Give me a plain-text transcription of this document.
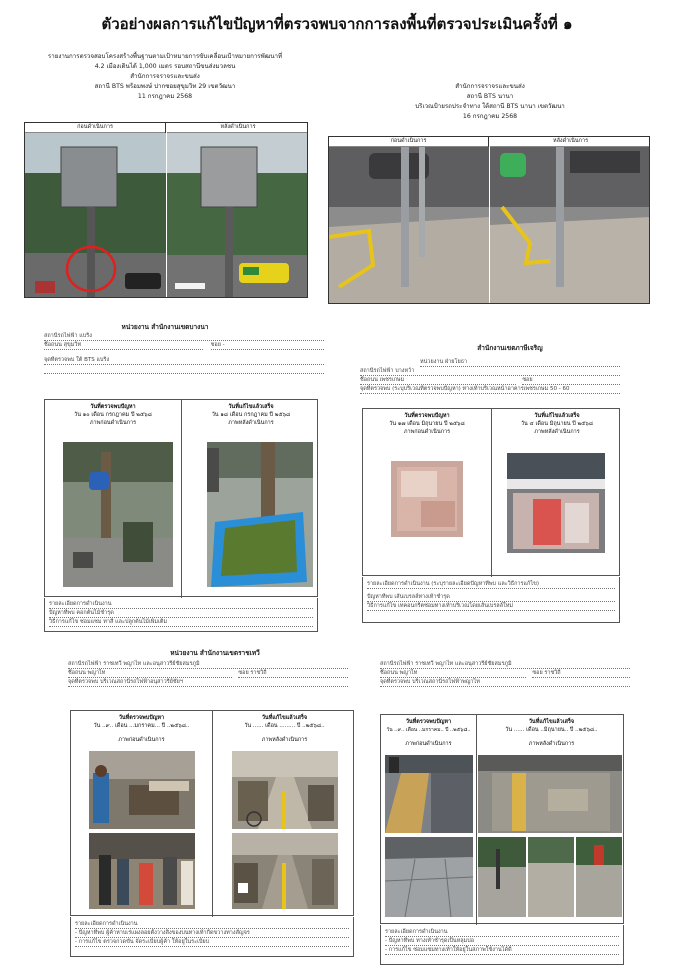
ตัวอย่างผลการแก้ไขปัญหาที่ตรวจพบจากการลงพื้นที่ตรวจประเมินครั้งที่ ๑
รายงานการตรวจสอบโครงสร้างพื้นฐานตามเป้าหมายการขับเคลื่อนเป้าหมายการพัฒนาที่
4.2 เมืองเดินได้ 1,000 เมตร รอบสถานีขนส่งมวลชน
สำนักการจราจรและขนส่ง
สถานี BTS พร้อมพงษ์ ปากซอยสุขุมวิท 29 เขตวัฒนา
11 กรกฎาคม 2568
ก่อนดำเนินการ	หลังดำเนินการ
สำนักการจราจรและขนส่ง
สถานี BTS นานา
บริเวณป้ายรถประจำทาง ใต้สถานี BTS นานา เขตวัฒนา
16 กรกฎาคม 2568
ก่อนดำเนินการ	หลังดำเนินการ
หน่วยงาน สำนักงานเขตบางนา
สถานีรถไฟฟ้า แบริ่ง
ชื่อถนน สุขุมวิท	ซอย -
จุดที่ตรวจพบ ใต้ BTS แบริ่ง
วันที่ตรวจพบปัญหา
วัน ๑๐ เดือน กรกฎาคม ปี ๒๕๖๘
ภาพก่อนดำเนินการ
วันที่แก้ไขแล้วเสร็จ
วัน ๑๘ เดือน กรกฎาคม ปี ๒๕๖๘
ภาพหลังดำเนินการ
รายละเอียดการดำเนินงาน
ปัญหาที่พบ คอกต้นไม้ชำรุด
วิธีการแก้ไข ซ่อมแซม ทาสี และปลูกต้นไม้เพิ่มเติม
สำนักงานเขตภาษีเจริญ
หน่วยงาน ฝ่ายโยธา
สถานีรถไฟฟ้า บางหว้า
ชื่อถนน เพชรเกษม	ซอย
จุดที่ตรวจพบ (ระบุบริเวณที่ตรวจพบปัญหา) ทางเท้าบริเวณหน้าอาคารเพชรเกษม 50 - 60
วันที่ตรวจพบปัญหา
วัน ๑๗ เดือน มิถุนายน ปี ๒๕๖๘
ภาพก่อนดำเนินการ
วันที่แก้ไขแล้วเสร็จ
วัน ๔ เดือน มิถุนายน ปี ๒๕๖๘
ภาพหลังดำเนินการ
รายละเอียดการดำเนินงาน (ระบุรายละเอียดปัญหาที่พบ และวิธีการแก้ไข)
ปัญหาที่พบ เส้นเบรลล์ทางเท้าชำรุด
วิธีการแก้ไข เทคอนกรีตซ่อมทางเท้าบริเวณโดยเส้นเบรลล์ใหม่
หน่วยงาน สำนักงานเขตราชเทวี
สถานีรถไฟฟ้า ราชเทวี พญาไท และอนุสาวรีย์ชัยสมรภูมิ
ชื่อถนน พญาไท	ซอย ราชวิถี
จุดที่ตรวจพบ บริเวณสถานีรถไฟฟ้าอนุสาวรีย์ชัยฯ
วันที่ตรวจพบปัญหา
วัน ..๙.. เดือน ...มกราคม... ปี ..๒๕๖๘..
ภาพก่อนดำเนินการ
วันที่แก้ไขแล้วเสร็จ
วัน ...... เดือน ......... ปี ..๒๕๖๘..
ภาพหลังดำเนินการ
รายละเอียดการดำเนินงาน
- ปัญหาที่พบ ผู้ค้าหาบเร่แผงลอยตั้งวางสิ่งของบนทางเท้ากีดขวางทางสัญจร
- การแก้ไข ตรวจกวดขัน จัดระเบียบผู้ค้า ให้อยู่ในระเบียบ
สถานีรถไฟฟ้า ราชเทวี พญาไท และอนุสาวรีย์ชัยสมรภูมิ
ชื่อถนน พญาไท	ซอย ราชวิถี
จุดที่ตรวจพบ บริเวณสถานีรถไฟฟ้าพญาไท
วันที่ตรวจพบปัญหา
วัน ..๙.. เดือน ..มกราคม.. ปี ..๒๕๖๘..
ภาพก่อนดำเนินการ
วันที่แก้ไขแล้วเสร็จ
วัน ...... เดือน ..มิถุนายน.. ปี ..๒๕๖๘..
ภาพหลังดำเนินการ
รายละเอียดการดำเนินงาน
- ปัญหาที่พบ ทางเท้าชำรุดเป็นหลุมบ่อ
- การแก้ไข ซ่อมแซมทางเท้าให้อยู่ในสภาพใช้งานได้ดี
